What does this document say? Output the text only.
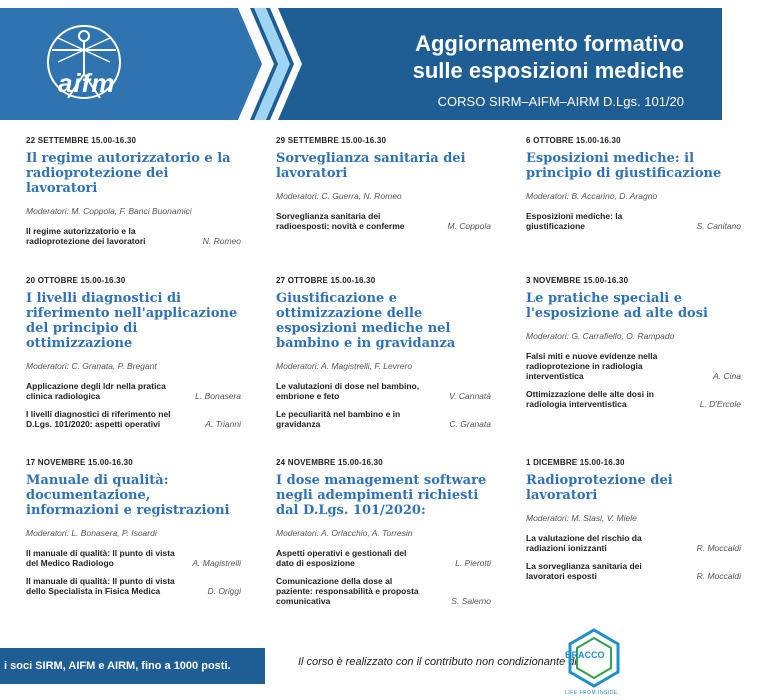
aifm
Aggiornamento formativo
sulle esposizioni mediche
CORSO SIRM–AIFM–AIRM D.Lgs. 101/20
22 SETTEMBRE 15.00-16.30
Il regime autorizzatorio e la radioprotezione dei lavoratori
Moderatori: M. Coppola, F. Banci Buonamici
Il regime autorizzatorio e la radioprotezione dei lavoratori	N. Romeo
20 OTTOBRE 15.00-16.30
I livelli diagnostici di riferimento nell'applicazione del principio di ottimizzazione
Moderatori: C. Granata, P. Bregant
Applicazione degli ldr nella pratica clinica radiologica	L. Bonasera
I livelli diagnostici di riferimento nel D.Lgs. 101/2020: aspetti operativi	A. Trianni
17 NOVEMBRE 15.00-16.30
Manuale di qualità: documentazione, informazioni e registrazioni
Moderatori: L. Bonasera, P. Isoardi
Il manuale di qualità: Il punto di vista del Medico Radiologo	A. Magistrelli
Il manuale di qualità: Il punto di vista dello Specialista in Fisica Medica	D. Origgi
29 SETTEMBRE 15.00-16.30
Sorveglianza sanitaria dei lavoratori
Moderatori: C. Guerra, N. Romeo
Sorveglianza sanitaria dei radioesposti: novità e conferme	M. Coppola
27 OTTOBRE 15.00-16.30
Giustificazione e ottimizzazione delle esposizioni mediche nel bambino e in gravidanza
Moderatori: A. Magistrelli, F. Levrero
Le valutazioni di dose nel bambino, embrione e feto	V. Cannatà
Le peculiarità nel bambino e in gravidanza	C. Granata
24 NOVEMBRE 15.00-16.30
I dose management software negli adempimenti richiesti dal D.Lgs. 101/2020:
Moderatori: A. Orlacchio, A. Torresin
Aspetti operativi e gestionali del dato di esposizione	L. Pierotti
Comunicazione della dose al paziente: responsabilità e proposta comunicativa	S. Salerno
6 OTTOBRE 15.00-16.30
Esposizioni mediche: il principio di giustificazione
Moderatori: B. Accarino, D. Aragno
Esposizioni mediche: la giustificazione	S. Canitano
3 NOVEMBRE 15.00-16.30
Le pratiche speciali e l'esposizione ad alte dosi
Moderatori: G. Carrafiello, O. Rampado
Falsi miti e nuove evidenze nella radioprotezione in radiologia interventistica	A. Cina
Ottimizzazione delle alte dosi in radiologia interventistica	L. D'Ercole
1 DICEMBRE 15.00-16.30
Radioprotezione dei lavoratori
Moderatori: M. Stasi, V. Miele
La valutazione del rischio da radiazioni ionizzanti	R. Moccaldi
La sorveglianza sanitaria dei lavoratori esposti	R. Moccaldi
i soci SIRM, AIFM e AIRM, fino a 1000 posti.	Il corso è realizzato con il contributo non condizionante di
BRACCO
LIFE FROM INSIDE
